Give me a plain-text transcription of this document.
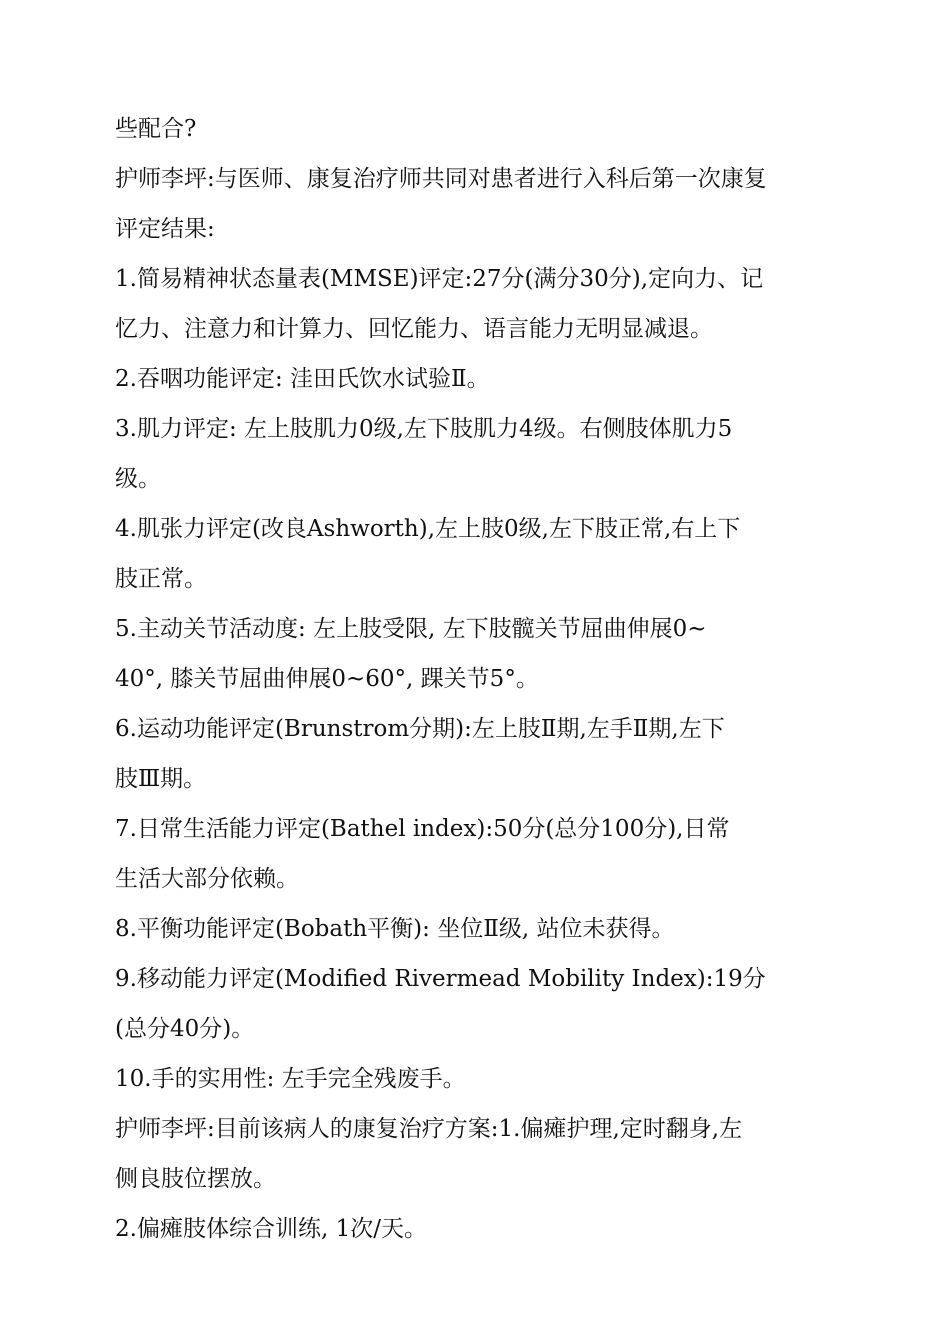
些配合?
护师李坪:与医师、康复治疗师共同对患者进行入科后第一次康复
评定结果:
1.简易精神状态量表(MMSE)评定:27分(满分30分),定向力、记
忆力、注意力和计算力、回忆能力、语言能力无明显减退。
2.吞咽功能评定: 洼田氏饮水试验Ⅱ。
3.肌力评定: 左上肢肌力0级,左下肢肌力4级。右侧肢体肌力5
级。
4.肌张力评定(改良Ashworth),左上肢0级,左下肢正常,右上下
肢正常。
5.主动关节活动度: 左上肢受限, 左下肢髋关节屈曲伸展0~
40°, 膝关节屈曲伸展0~60°, 踝关节5°。
6.运动功能评定(Brunstrom分期):左上肢Ⅱ期,左手Ⅱ期,左下
肢Ⅲ期。
7.日常生活能力评定(Bathel index):50分(总分100分),日常
生活大部分依赖。
8.平衡功能评定(Bobath平衡): 坐位Ⅱ级, 站位未获得。
9.移动能力评定(Modified Rivermead Mobility Index):19分
(总分40分)。
10.手的实用性: 左手完全残废手。
护师李坪:目前该病人的康复治疗方案:1.偏瘫护理,定时翻身,左
侧良肢位摆放。
2.偏瘫肢体综合训练, 1次/天。
